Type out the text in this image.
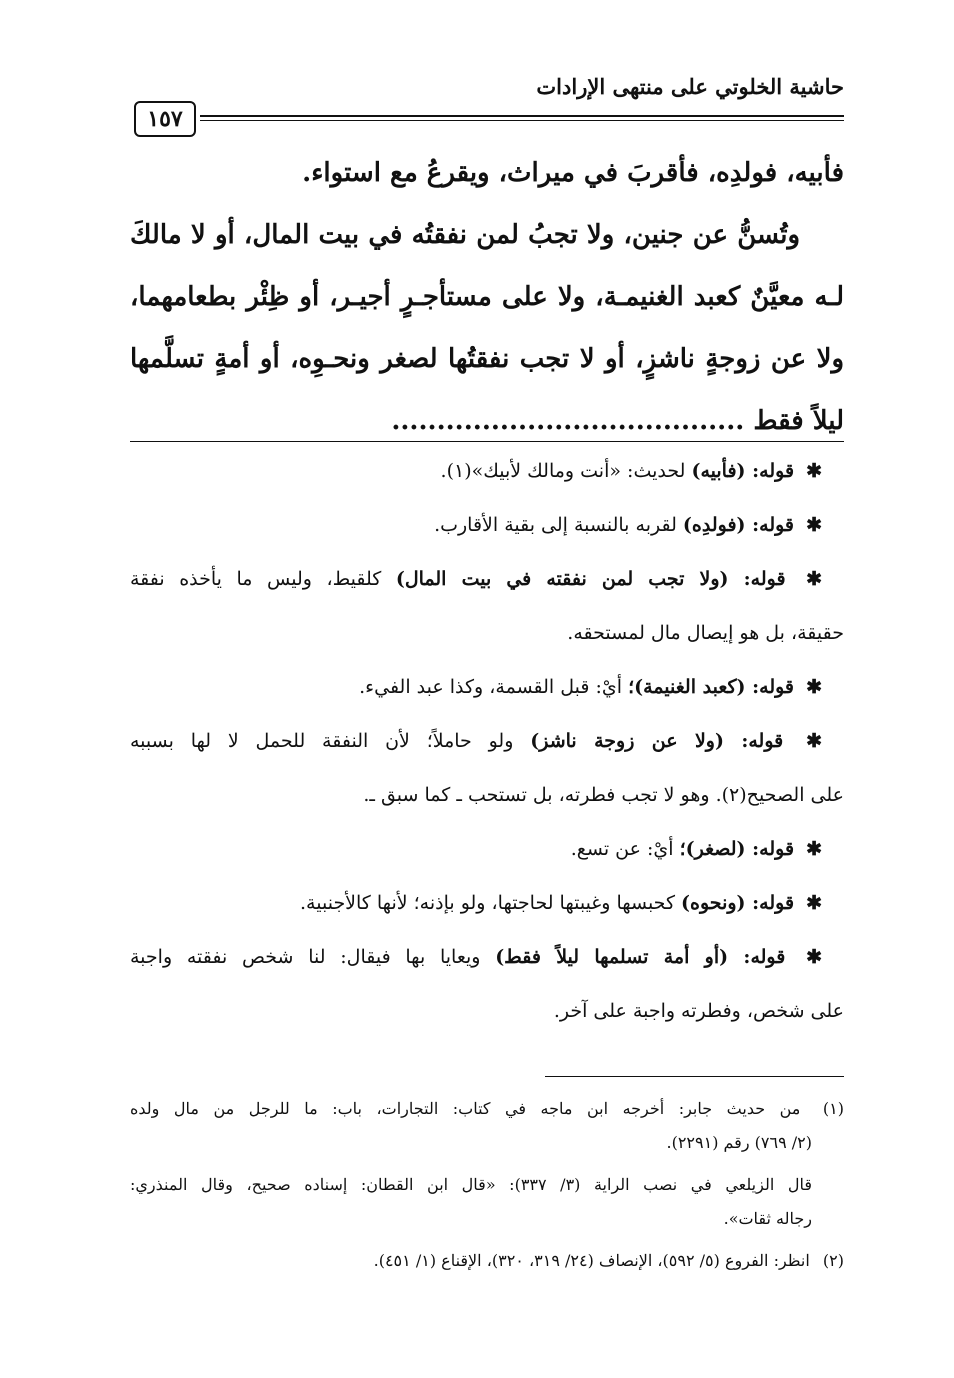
حاشية الخلوتي على منتهى الإرادات
١٥٧
فأبيه، فولدِه، فأقربَ في ميراث، ويقرعُ مع استواء.
وتُسنُّ عن جنين، ولا تجبُ لمن نفقتُه في بيت المال، أو لا مالكَ
لـه معيَّنٌ كعبد الغنيمـة، ولا على مستأجـرٍ أجيـر، أو ظِئْر بطعامهما،
ولا عن زوجةٍ ناشزٍ، أو لا تجب نفقتُها لصغر ونحـوِه، أو أمةٍ تسلَّمها
ليلاً فقط .......................................
✱ قوله: (فأبيه) لحديث: «أنت ومالك لأبيك»(١).
✱ قوله: (فولدِه) لقربه بالنسبة إلى بقية الأقارب.
✱ قوله: (ولا تجب لمن نفقته في بيت المال) كلقيط، وليس ما يأخذه نفقة
حقيقة، بل هو إيصال مال لمستحقه.
✱ قوله: (كعبد الغنيمة)؛ أيْ: قبل القسمة، وكذا عبد الفيء.
✱ قوله: (ولا عن زوجة ناشز) ولو حاملاً؛ لأن النفقة للحمل لا لها بسببه
على الصحيح(٢). وهو لا تجب فطرته، بل تستحب ـ كما سبق ـ.
✱ قوله: (لصغر)؛ أيْ: عن تسع.
✱ قوله: (ونحوه) كحبسها وغيبتها لحاجتها، ولو بإذنه؛ لأنها كالأجنبية.
✱ قوله: (أو أمة تسلمها ليلاً فقط) ويعايا بها فيقال: لنا شخص نفقته واجبة
على شخص، وفطرته واجبة على آخر.
(١) من حديث جابر: أخرجه ابن ماجه في كتاب: التجارات، باب: ما للرجل من مال ولده
(٢/ ٧٦٩) رقم (٢٢٩١).
قال الزيلعي في نصب الراية (٣/ ٣٣٧): «قال ابن القطان: إسناده صحيح، وقال المنذري:
رجاله ثقات».
(٢) انظر: الفروع (٥/ ٥٩٢)، الإنصاف (٢٤/ ٣١٩، ٣٢٠)، الإقناع (١/ ٤٥١).
